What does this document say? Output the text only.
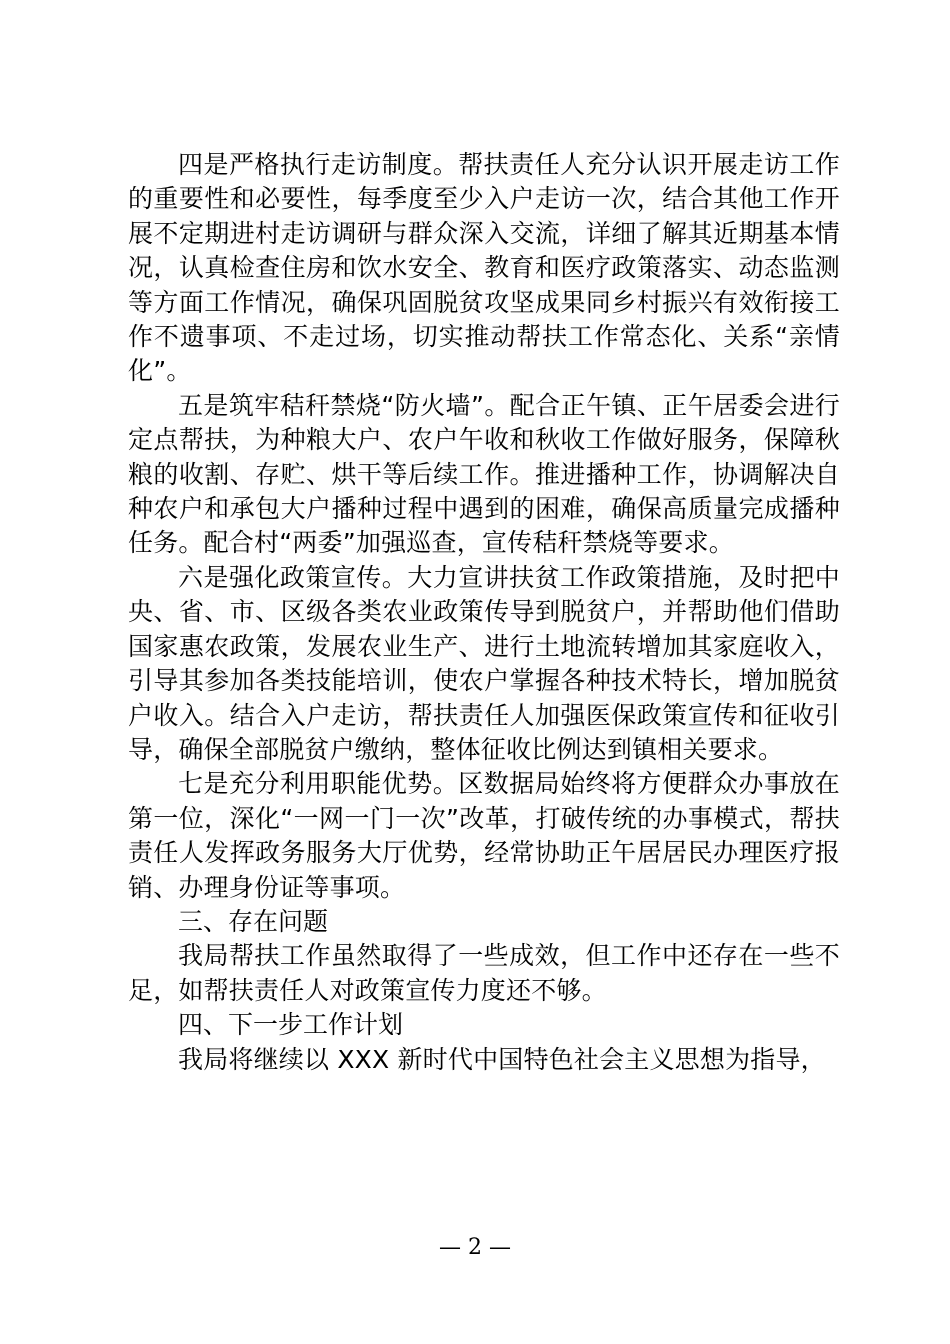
四是严格执行走访制度。帮扶责任人充分认识开展走访工作的重要性和必要性，每季度至少入户走访一次，结合其他工作开展不定期进村走访调研与群众深入交流，详细了解其近期基本情况，认真检查住房和饮水安全、教育和医疗政策落实、动态监测等方面工作情况，确保巩固脱贫攻坚成果同乡村振兴有效衔接工作不遗事项、不走过场，切实推动帮扶工作常态化、关系“亲情化”。

五是筑牢秸秆禁烧“防火墙”。配合正午镇、正午居委会进行定点帮扶，为种粮大户、农户午收和秋收工作做好服务，保障秋粮的收割、存贮、烘干等后续工作。推进播种工作，协调解决自种农户和承包大户播种过程中遇到的困难，确保高质量完成播种任务。配合村“两委”加强巡查，宣传秸秆禁烧等要求。

六是强化政策宣传。大力宣讲扶贫工作政策措施，及时把中央、省、市、区级各类农业政策传导到脱贫户，并帮助他们借助国家惠农政策，发展农业生产、进行土地流转增加其家庭收入，引导其参加各类技能培训，使农户掌握各种技术特长，增加脱贫户收入。结合入户走访，帮扶责任人加强医保政策宣传和征收引导，确保全部脱贫户缴纳，整体征收比例达到镇相关要求。

七是充分利用职能优势。区数据局始终将方便群众办事放在第一位，深化“一网一门一次”改革，打破传统的办事模式，帮扶责任人发挥政务服务大厅优势，经常协助正午居居民办理医疗报销、办理身份证等事项。

三、存在问题

我局帮扶工作虽然取得了一些成效，但工作中还存在一些不足，如帮扶责任人对政策宣传力度还不够。

四、下一步工作计划

我局将继续以 XXX 新时代中国特色社会主义思想为指导，

— 2 —
